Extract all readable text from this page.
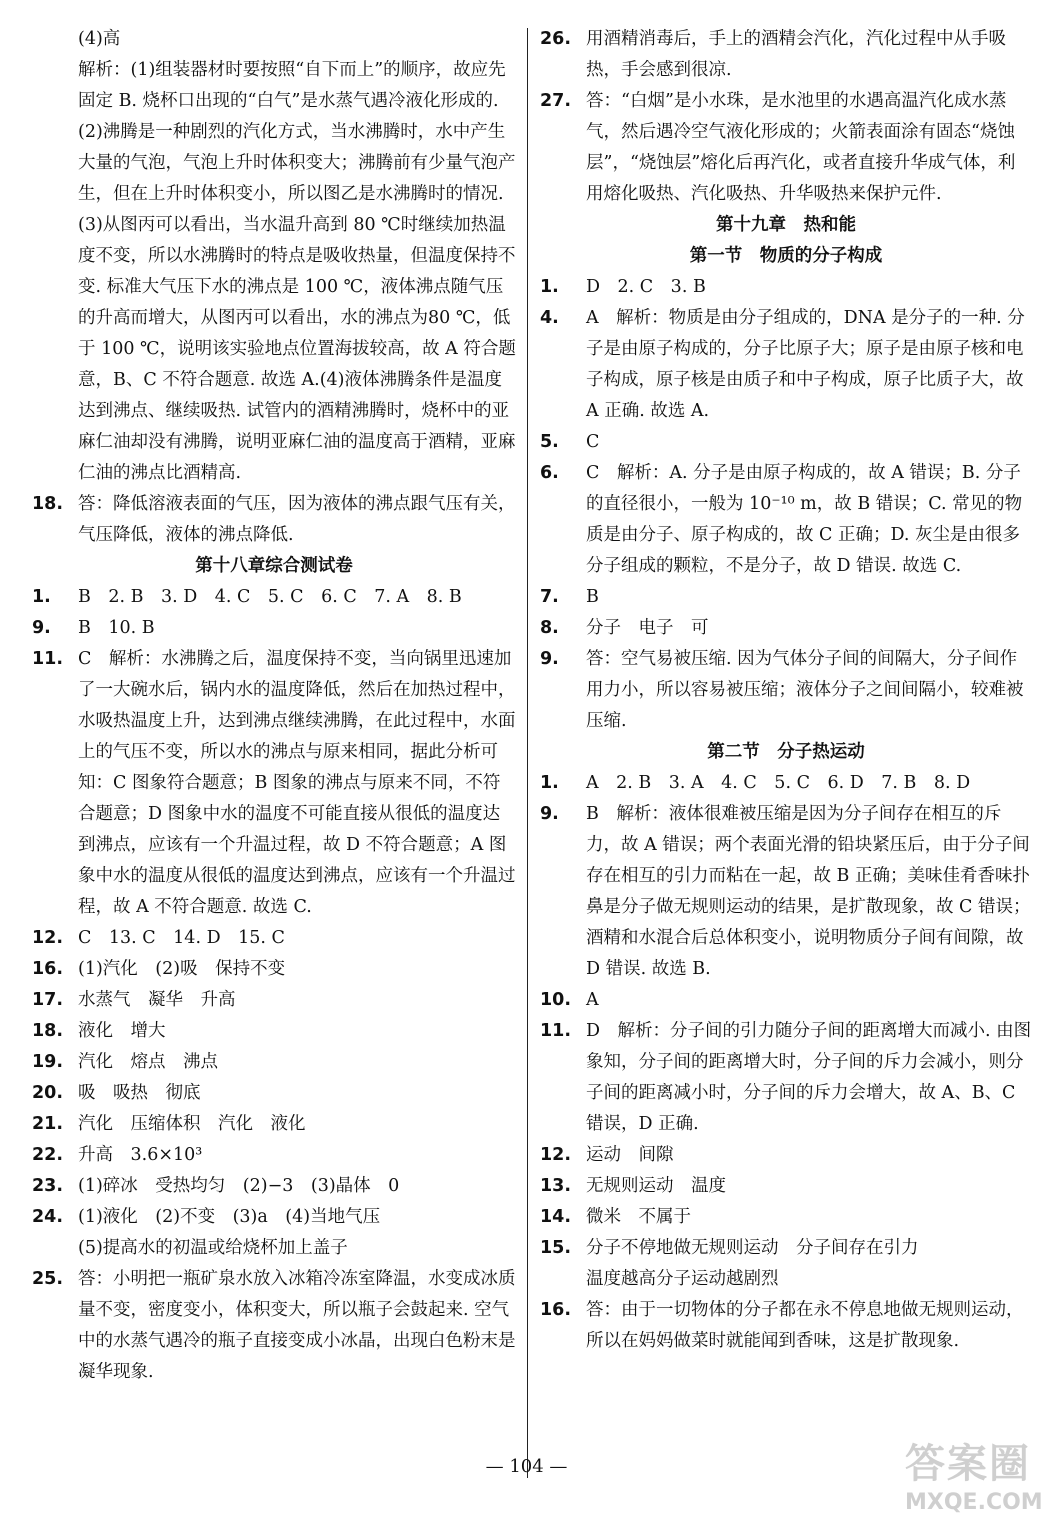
(4)高
解析：(1)组装器材时要按照“自下而上”的顺序，故应先固定 B. 烧杯口出现的“白气”是水蒸气遇冷液化形成的.(2)沸腾是一种剧烈的汽化方式，当水沸腾时，水中产生大量的气泡，气泡上升时体积变大；沸腾前有少量气泡产生，但在上升时体积变小，所以图乙是水沸腾时的情况.(3)从图丙可以看出，当水温升高到 80 ℃时继续加热温度不变，所以水沸腾时的特点是吸收热量，但温度保持不变. 标准大气压下水的沸点是 100 ℃，液体沸点随气压的升高而增大，从图丙可以看出，水的沸点为80 ℃，低于 100 ℃，说明该实验地点位置海拔较高，故 A 符合题意，B、C 不符合题意. 故选 A.(4)液体沸腾条件是温度达到沸点、继续吸热. 试管内的酒精沸腾时，烧杯中的亚麻仁油却没有沸腾，说明亚麻仁油的温度高于酒精，亚麻仁油的沸点比酒精高.
18. 答：降低溶液表面的气压，因为液体的沸点跟气压有关，气压降低，液体的沸点降低.
第十八章综合测试卷
1. B　2. B　3. D　4. C　5. C　6. C　7. A　8. B
9. B　10. B
11. C　解析：水沸腾之后，温度保持不变，当向锅里迅速加了一大碗水后，锅内水的温度降低，然后在加热过程中，水吸热温度上升，达到沸点继续沸腾，在此过程中，水面上的气压不变，所以水的沸点与原来相同，据此分析可知：C 图象符合题意；B 图象的沸点与原来不同，不符合题意；D 图象中水的温度不可能直接从很低的温度达到沸点，应该有一个升温过程，故 D 不符合题意；A 图象中水的温度从很低的温度达到沸点，应该有一个升温过程，故 A 不符合题意. 故选 C.
12. C　13. C　14. D　15. C
16. (1)汽化　(2)吸　保持不变
17. 水蒸气　凝华　升高
18. 液化　增大
19. 汽化　熔点　沸点
20. 吸　吸热　彻底
21. 汽化　压缩体积　汽化　液化
22. 升高　3.6×10³
23. (1)碎冰　受热均匀　(2)−3　(3)晶体　0
24. (1)液化　(2)不变　(3)a　(4)当地气压
(5)提高水的初温或给烧杯加上盖子
25. 答：小明把一瓶矿泉水放入冰箱冷冻室降温，水变成冰质量不变，密度变小，体积变大，所以瓶子会鼓起来. 空气中的水蒸气遇冷的瓶子直接变成小冰晶，出现白色粉末是凝华现象.
26. 用酒精消毒后，手上的酒精会汽化，汽化过程中从手吸热，手会感到很凉.
27. 答：“白烟”是小水珠，是水池里的水遇高温汽化成水蒸气，然后遇冷空气液化形成的；火箭表面涂有固态“烧蚀层”，“烧蚀层”熔化后再汽化，或者直接升华成气体，利用熔化吸热、汽化吸热、升华吸热来保护元件.
第十九章　热和能
第一节　物质的分子构成
1. D　2. C　3. B
4. A　解析：物质是由分子组成的，DNA 是分子的一种. 分子是由原子构成的，分子比原子大；原子是由原子核和电子构成，原子核是由质子和中子构成，原子比质子大，故 A 正确. 故选 A.
5. C
6. C　解析：A. 分子是由原子构成的，故 A 错误；B. 分子的直径很小，一般为 10⁻¹⁰ m，故 B 错误；C. 常见的物质是由分子、原子构成的，故 C 正确；D. 灰尘是由很多分子组成的颗粒，不是分子，故 D 错误. 故选 C.
7. B
8. 分子　电子　可
9. 答：空气易被压缩. 因为气体分子间的间隔大，分子间作用力小，所以容易被压缩；液体分子之间间隔小，较难被压缩.
第二节　分子热运动
1. A　2. B　3. A　4. C　5. C　6. D　7. B　8. D
9. B　解析：液体很难被压缩是因为分子间存在相互的斥力，故 A 错误；两个表面光滑的铅块紧压后，由于分子间存在相互的引力而粘在一起，故 B 正确；美味佳肴香味扑鼻是分子做无规则运动的结果，是扩散现象，故 C 错误；酒精和水混合后总体积变小，说明物质分子间有间隙，故 D 错误. 故选 B.
10. A
11. D　解析：分子间的引力随分子间的距离增大而减小. 由图象知，分子间的距离增大时，分子间的斥力会减小，则分子间的距离减小时，分子间的斥力会增大，故 A、B、C 错误，D 正确.
12. 运动　间隙
13. 无规则运动　温度
14. 微米　不属于
15. 分子不停地做无规则运动　分子间存在引力
温度越高分子运动越剧烈
16. 答：由于一切物体的分子都在永不停息地做无规则运动，所以在妈妈做菜时就能闻到香味，这是扩散现象.
— 104 —	答案圈
MXQE.COM
